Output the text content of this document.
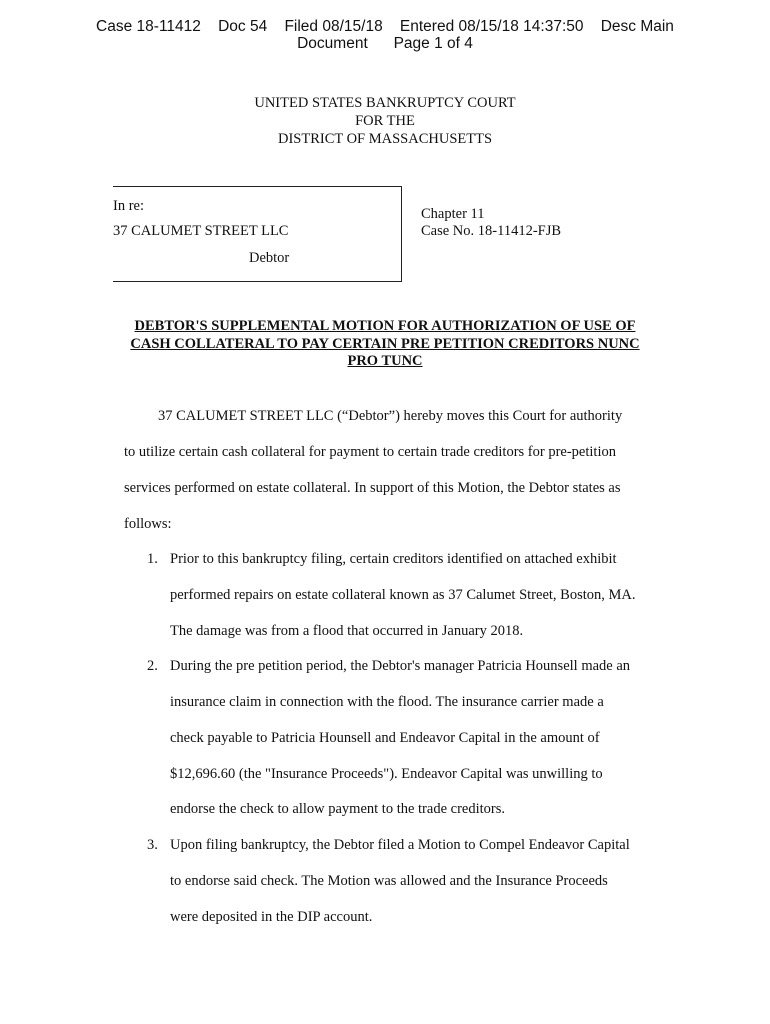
Case 18-11412    Doc 54    Filed 08/15/18    Entered 08/15/18 14:37:50    Desc Main
Document      Page 1 of 4
UNITED STATES BANKRUPTCY COURT
FOR THE
DISTRICT OF MASSACHUSETTS
In re:
37 CALUMET STREET LLC
Debtor
Chapter 11
Case No. 18-11412-FJB
DEBTOR'S SUPPLEMENTAL MOTION FOR AUTHORIZATION OF USE OF
CASH COLLATERAL TO PAY CERTAIN PRE PETITION CREDITORS NUNC
PRO TUNC
37 CALUMET STREET LLC (“Debtor”) hereby moves this Court for authority
to utilize certain cash collateral for payment to certain trade creditors for pre-petition
services performed on estate collateral. In support of this Motion, the Debtor states as
follows:
1. Prior to this bankruptcy filing, certain creditors identified on attached exhibit
performed repairs on estate collateral known as 37 Calumet Street, Boston, MA.
The damage was from a flood that occurred in January 2018.
2. During the pre petition period, the Debtor's manager Patricia Hounsell made an
insurance claim in connection with the flood. The insurance carrier made a
check payable to Patricia Hounsell and Endeavor Capital in the amount of
$12,696.60 (the "Insurance Proceeds"). Endeavor Capital was unwilling to
endorse the check to allow payment to the trade creditors.
3. Upon filing bankruptcy, the Debtor filed a Motion to Compel Endeavor Capital
to endorse said check. The Motion was allowed and the Insurance Proceeds
were deposited in the DIP account.
